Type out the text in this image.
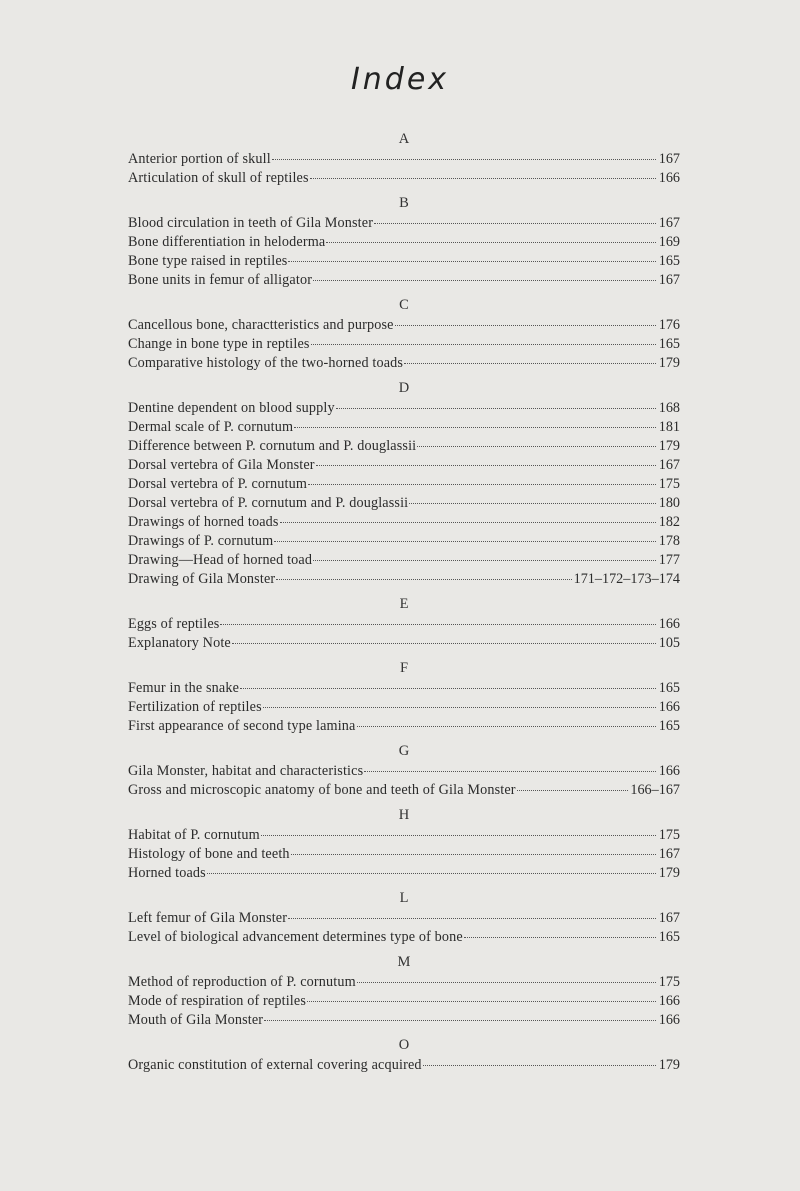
Index
A
Anterior portion of skull	167
Articulation of skull of reptiles	166
B
Blood circulation in teeth of Gila Monster	167
Bone differentiation in heloderma	169
Bone type raised in reptiles	165
Bone units in femur of alligator	167
C
Cancellous bone, charactteristics and purpose	176
Change in bone type in reptiles	165
Comparative histology of the two-horned toads	179
D
Dentine dependent on blood supply	168
Dermal scale of P. cornutum	181
Difference between P. cornutum and P. douglassii	179
Dorsal vertebra of Gila Monster	167
Dorsal vertebra of P. cornutum	175
Dorsal vertebra of P. cornutum and P. douglassii	180
Drawings of horned toads	182
Drawings of P. cornutum	178
Drawing—Head of horned toad	177
Drawing of Gila Monster	171–172–173–174
E
Eggs of reptiles	166
Explanatory Note	105
F
Femur in the snake	165
Fertilization of reptiles	166
First appearance of second type lamina	165
G
Gila Monster, habitat and characteristics	166
Gross and microscopic anatomy of bone and teeth of Gila Monster	166–167
H
Habitat of P. cornutum	175
Histology of bone and teeth	167
Horned toads	179
L
Left femur of Gila Monster	167
Level of biological advancement determines type of bone	165
M
Method of reproduction of P. cornutum	175
Mode of respiration of reptiles	166
Mouth of Gila Monster	166
O
Organic constitution of external covering acquired	179
